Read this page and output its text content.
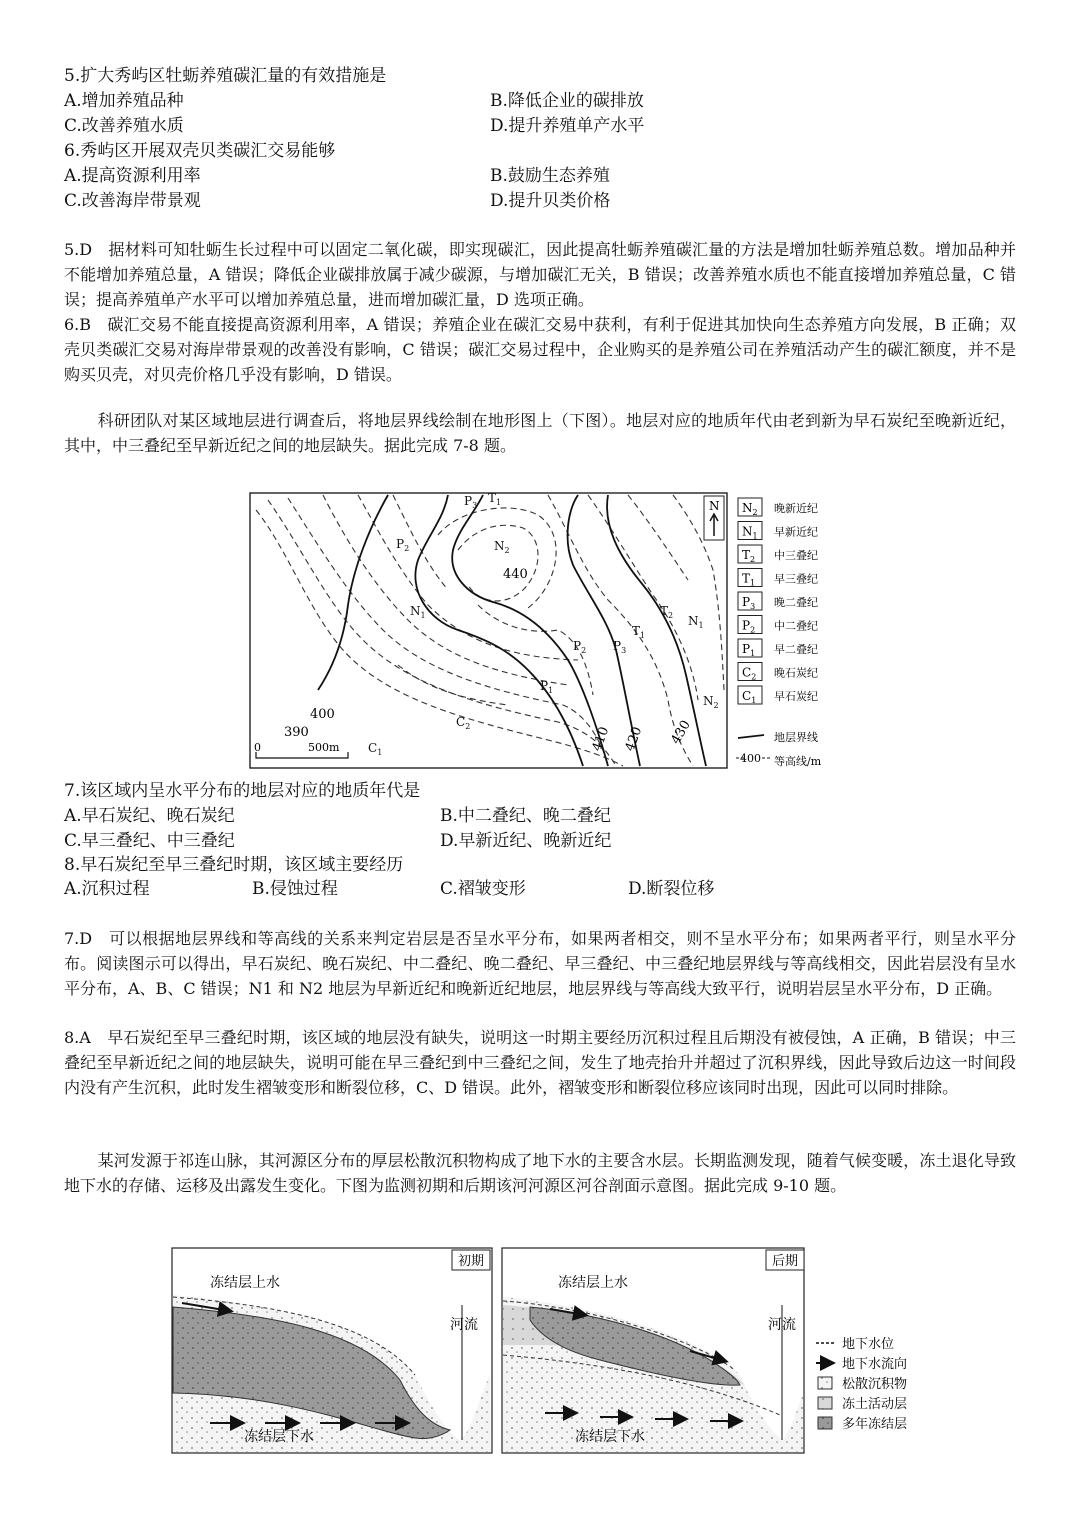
5.扩大秀屿区牡蛎养殖碳汇量的有效措施是
A.增加养殖品种	B.降低企业的碳排放
C.改善养殖水质	D.提升养殖单产水平
6.秀屿区开展双壳贝类碳汇交易能够
A.提高资源利用率	B.鼓励生态养殖
C.改善海岸带景观	D.提升贝类价格
5.D　据材料可知牡蛎生长过程中可以固定二氧化碳，即实现碳汇，因此提高牡蛎养殖碳汇量的方法是增加牡蛎养殖总数。增加品种并不能增加养殖总量，A 错误；降低企业碳排放属于减少碳源，与增加碳汇无关，B 错误；改善养殖水质也不能直接增加养殖总量，C 错误；提高养殖单产水平可以增加养殖总量，进而增加碳汇量，D 选项正确。
6.B　碳汇交易不能直接提高资源利用率，A 错误；养殖企业在碳汇交易中获利，有利于促进其加快向生态养殖方向发展，B 正确；双壳贝类碳汇交易对海岸带景观的改善没有影响，C 错误；碳汇交易过程中，企业购买的是养殖公司在养殖活动产生的碳汇额度，并不是购买贝壳，对贝壳价格几乎没有影响，D 错误。
科研团队对某区域地层进行调查后，将地层界线绘制在地形图上（下图）。地层对应的地质年代由老到新为早石炭纪至晚新近纪，其中，中三叠纪至早新近纪之间的地层缺失。据此完成 7-8 题。
440
400
390	410 420 430
$P_3$
$T_1$
$P_2$	$N_2$
$N_1$	$T_2$
$T_1$
$N_1$
$P_2$ $P_3$
$P_1$
$C_2$
$C_1$
$N_2$
N
0	500m
$N_2$ 晚新近纪
$N_1$ 早新近纪
$T_2$ 中三叠纪
$T_1$ 早三叠纪
$P_3$ 晚二叠纪
$P_2$ 中二叠纪
$P_1$ 早二叠纪
$C_2$ 晚石炭纪
$C_1$ 早石炭纪
地层界线
400 等高线/m
7.该区域内呈水平分布的地层对应的地质年代是
A.早石炭纪、晚石炭纪	B.中二叠纪、晚二叠纪
C.早三叠纪、中三叠纪	D.早新近纪、晚新近纪
8.早石炭纪至早三叠纪时期，该区域主要经历
A.沉积过程	B.侵蚀过程	C.褶皱变形	D.断裂位移
7.D　可以根据地层界线和等高线的关系来判定岩层是否呈水平分布，如果两者相交，则不呈水平分布；如果两者平行，则呈水平分布。阅读图示可以得出，早石炭纪、晚石炭纪、中二叠纪、晚二叠纪、早三叠纪、中三叠纪地层界线与等高线相交，因此岩层没有呈水平分布，A、B、C 错误；N1 和 N2 地层为早新近纪和晚新近纪地层，地层界线与等高线大致平行，说明岩层呈水平分布，D 正确。
8.A　早石炭纪至早三叠纪时期，该区域的地层没有缺失，说明这一时期主要经历沉积过程且后期没有被侵蚀，A 正确，B 错误；中三叠纪至早新近纪之间的地层缺失，说明可能在早三叠纪到中三叠纪之间，发生了地壳抬升并超过了沉积界线，因此导致后边这一时间段内没有产生沉积，此时发生褶皱变形和断裂位移，C、D 错误。此外，褶皱变形和断裂位移应该同时出现，因此可以同时排除。
某河发源于祁连山脉，其河源区分布的厚层松散沉积物构成了地下水的主要含水层。长期监测发现，随着气候变暖，冻土退化导致地下水的存储、运移及出露发生变化。下图为监测初期和后期该河河源区河谷剖面示意图。据此完成 9-10 题。
初期
冻结层上水
河流
冻结层下水
后期
冻结层上水
河流
冻结层下水
地下水位
地下水流向
松散沉积物
冻土活动层
多年冻结层
